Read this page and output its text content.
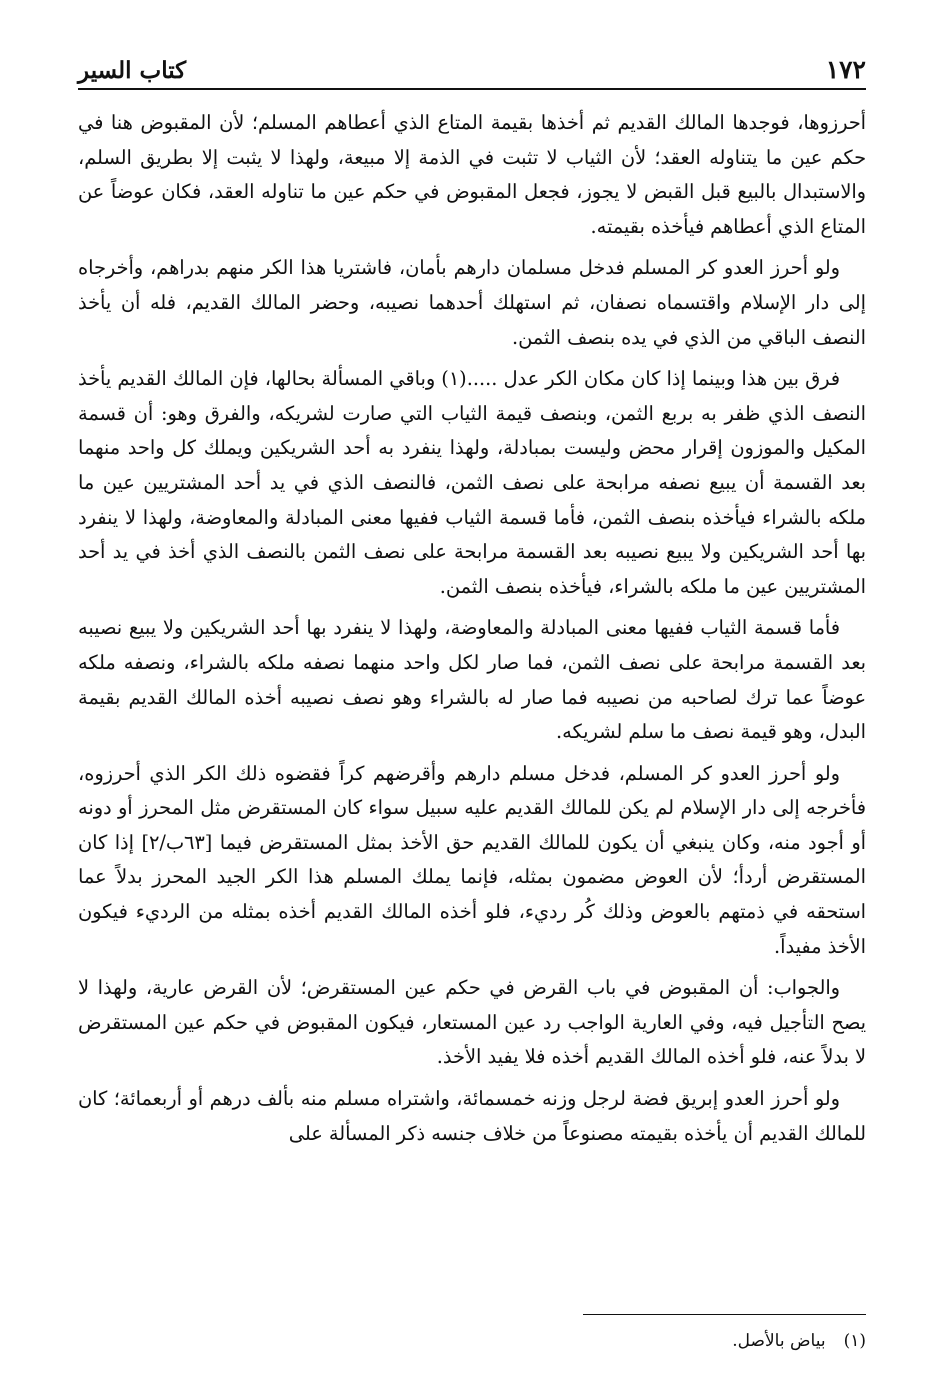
كتاب السير	١٧٢

أحرزوها، فوجدها المالك القديم ثم أخذها بقيمة المتاع الذي أعطاهم المسلم؛ لأن المقبوض هنا في حكم عين ما يتناوله العقد؛ لأن الثياب لا تثبت في الذمة إلا مبيعة، ولهذا لا يثبت إلا بطريق السلم، والاستبدال بالبيع قبل القبض لا يجوز، فجعل المقبوض في حكم عين ما تناوله العقد، فكان عوضاً عن المتاع الذي أعطاهم فيأخذه بقيمته.

ولو أحرز العدو كر المسلم فدخل مسلمان دارهم بأمان، فاشتريا هذا الكر منهم بدراهم، وأخرجاه إلى دار الإسلام واقتسماه نصفان، ثم استهلك أحدهما نصيبه، وحضر المالك القديم، فله أن يأخذ النصف الباقي من الذي في يده بنصف الثمن.

فرق بين هذا وبينما إذا كان مكان الكر عدل .....(١) وباقي المسألة بحالها، فإن المالك القديم يأخذ النصف الذي ظفر به بربع الثمن، وبنصف قيمة الثياب التي صارت لشريكه، والفرق وهو: أن قسمة المكيل والموزون إقرار محض وليست بمبادلة، ولهذا ينفرد به أحد الشريكين ويملك كل واحد منهما بعد القسمة أن يبيع نصفه مرابحة على نصف الثمن، فالنصف الذي في يد أحد المشتريين عين ما ملكه بالشراء فيأخذه بنصف الثمن، فأما قسمة الثياب ففيها معنى المبادلة والمعاوضة، ولهذا لا ينفرد بها أحد الشريكين ولا يبيع نصيبه بعد القسمة مرابحة على نصف الثمن بالنصف الذي أخذ في يد أحد المشتريين عين ما ملكه بالشراء، فيأخذه بنصف الثمن.

فأما قسمة الثياب ففيها معنى المبادلة والمعاوضة، ولهذا لا ينفرد بها أحد الشريكين ولا يبيع نصيبه بعد القسمة مرابحة على نصف الثمن، فما صار لكل واحد منهما نصفه ملكه بالشراء، ونصفه ملكه عوضاً عما ترك لصاحبه من نصيبه فما صار له بالشراء وهو نصف نصيبه أخذه المالك القديم بقيمة البدل، وهو قيمة نصف ما سلم لشريكه.

ولو أحرز العدو كر المسلم، فدخل مسلم دارهم وأقرضهم كراً فقضوه ذلك الكر الذي أحرزوه، فأخرجه إلى دار الإسلام لم يكن للمالك القديم عليه سبيل سواء كان المستقرض مثل المحرز أو دونه أو أجود منه، وكان ينبغي أن يكون للمالك القديم حق الأخذ بمثل المستقرض فيما [٦٣ب/٢] إذا كان المستقرض أردأ؛ لأن العوض مضمون بمثله، فإنما يملك المسلم هذا الكر الجيد المحرز بدلاً عما استحقه في ذمتهم بالعوض وذلك كُر رديء، فلو أخذه المالك القديم أخذه بمثله من الرديء فيكون الأخذ مفيداً.

والجواب: أن المقبوض في باب القرض في حكم عين المستقرض؛ لأن القرض عارية، ولهذا لا يصح التأجيل فيه، وفي العارية الواجب رد عين المستعار، فيكون المقبوض في حكم عين المستقرض لا بدلاً عنه، فلو أخذه المالك القديم أخذه فلا يفيد الأخذ.

ولو أحرز العدو إبريق فضة لرجل وزنه خمسمائة، واشتراه مسلم منه بألف درهم أو أربعمائة؛ كان للمالك القديم أن يأخذه بقيمته مصنوعاً من خلاف جنسه ذكر المسألة على

(١)بياض بالأصل.
